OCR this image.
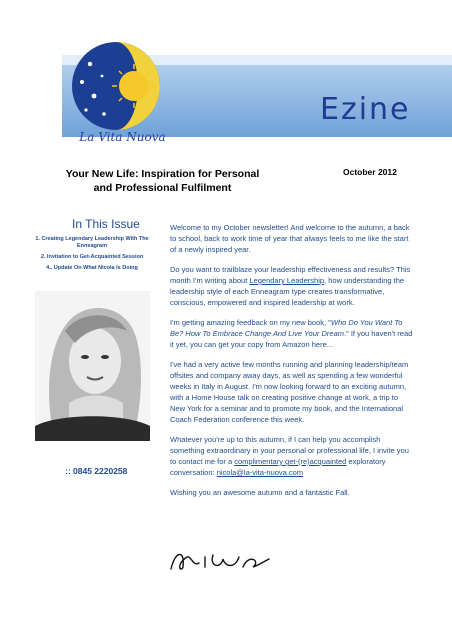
Ezine
La Vita Nuova
Your New Life: Inspiration for Personal and Professional Fulfilment
October 2012
In This Issue
1. Creating Legendary Leadership With The Enneagram
2. Invitation to Get-Acquainted Session
4.. Update On What Nicola Is Doing
:: 0845 2220258

Welcome to my October newsletter! And welcome to the autumn, a back to school, back to work time of year that always feels to me like the start of a newly inspired year.

Do you want to trailblaze your leadership effectiveness and results? This month I'm writing about Legendary Leadership, how understanding the leadership style of each Enneagram type creates transformative, conscious, empowered and inspired leadership at work.

I'm getting amazing feedback on my new book, "Who Do You Want To Be? How To Embrace Change And Live Your Dream." If you haven't read it yet, you can get your copy from Amazon here...

I've had a very active few months running and planning leadership/team offsites and company away days, as well as spending a few wonderful weeks in Italy in August. I'm now looking forward to an exciting autumn, with a Home House talk on creating positive change at work, a trip to New York for a seminar and to promote my book, and the International Coach Federation conference this week.

Whatever you're up to this autumn, if I can help you accomplish something extraordinary in your personal or professional life, I invite you to contact me for a complimentary get-(re)acquainted exploratory conversation: nicola@la-vita-nuova.com

Wishing you an awesome autumn and a fantastic Fall.
